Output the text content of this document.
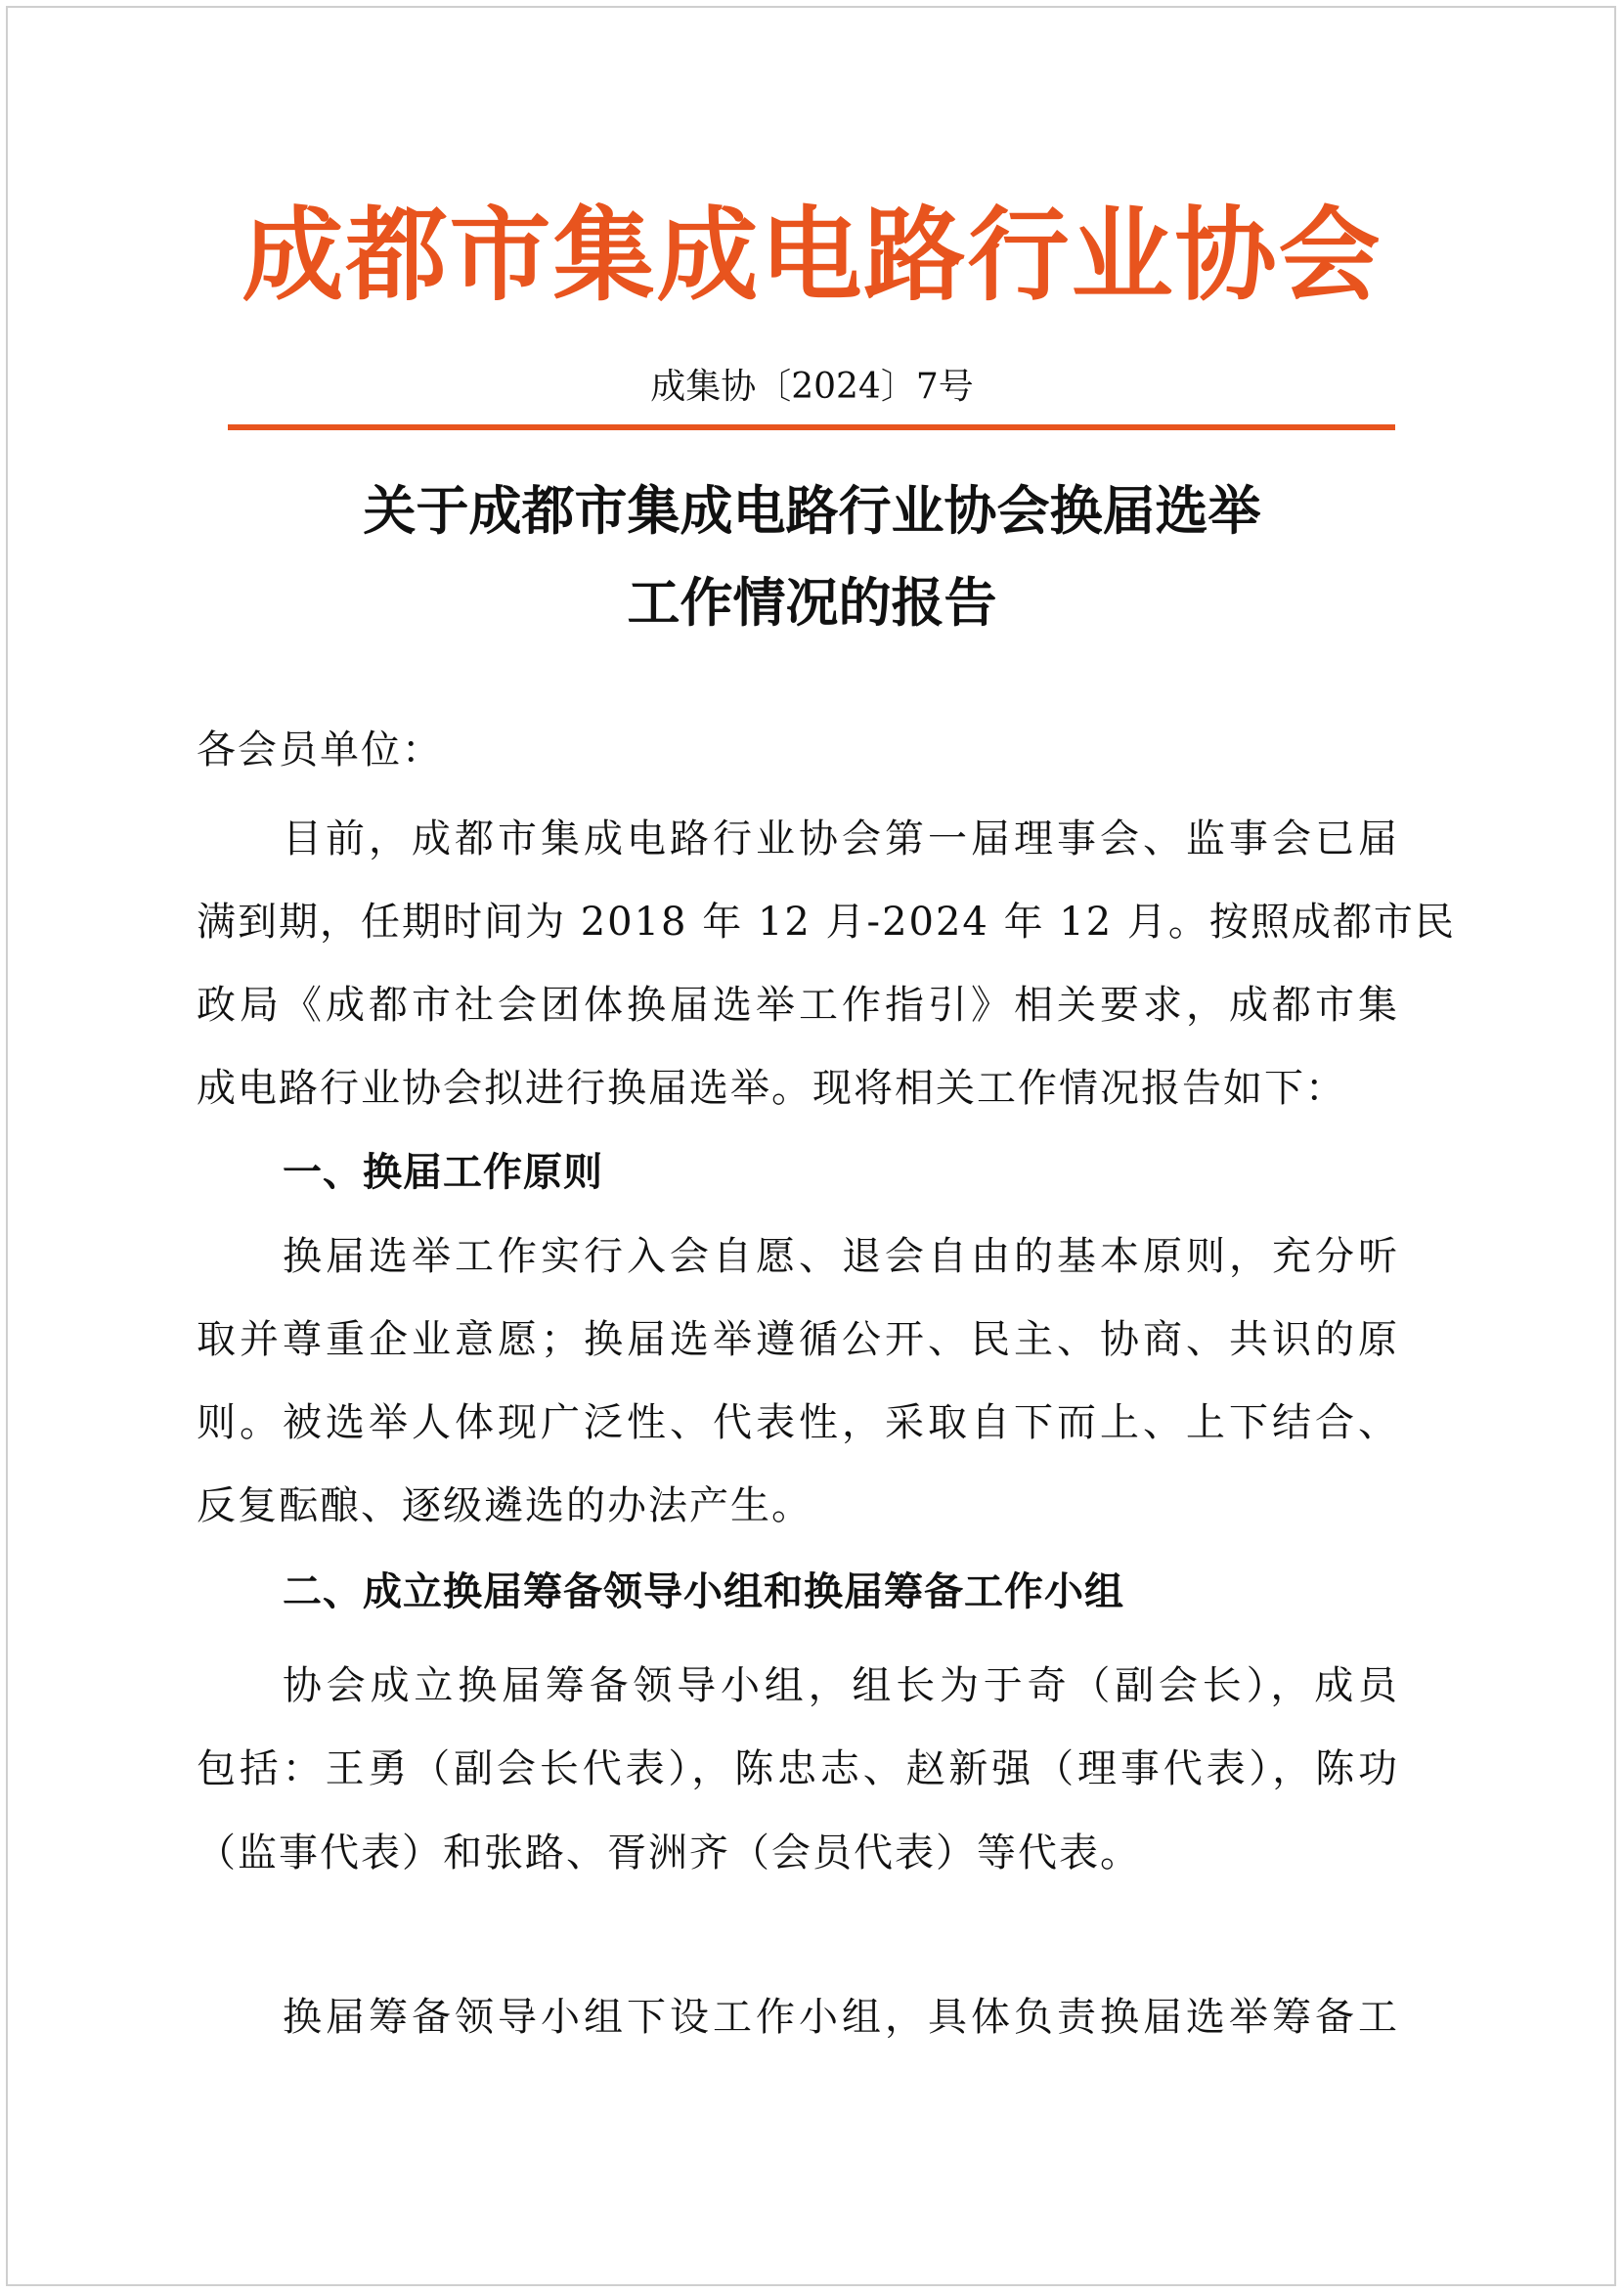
成都市集成电路行业协会
成集协〔2024〕7号
关于成都市集成电路行业协会换届选举
工作情况的报告
各会员单位：
目前，成都市集成电路行业协会第一届理事会、监事会已届
满到期，任期时间为 2018 年 12 月-2024 年 12 月。按照成都市民
政局《成都市社会团体换届选举工作指引》相关要求，成都市集
成电路行业协会拟进行换届选举。现将相关工作情况报告如下：
一、换届工作原则
换届选举工作实行入会自愿、退会自由的基本原则，充分听
取并尊重企业意愿；换届选举遵循公开、民主、协商、共识的原
则。被选举人体现广泛性、代表性，采取自下而上、上下结合、
反复酝酿、逐级遴选的办法产生。
二、成立换届筹备领导小组和换届筹备工作小组
协会成立换届筹备领导小组，组长为于奇（副会长），成员
包括：王勇（副会长代表），陈忠志、赵新强（理事代表），陈功
（监事代表）和张路、胥洲齐（会员代表）等代表。
换届筹备领导小组下设工作小组，具体负责换届选举筹备工
